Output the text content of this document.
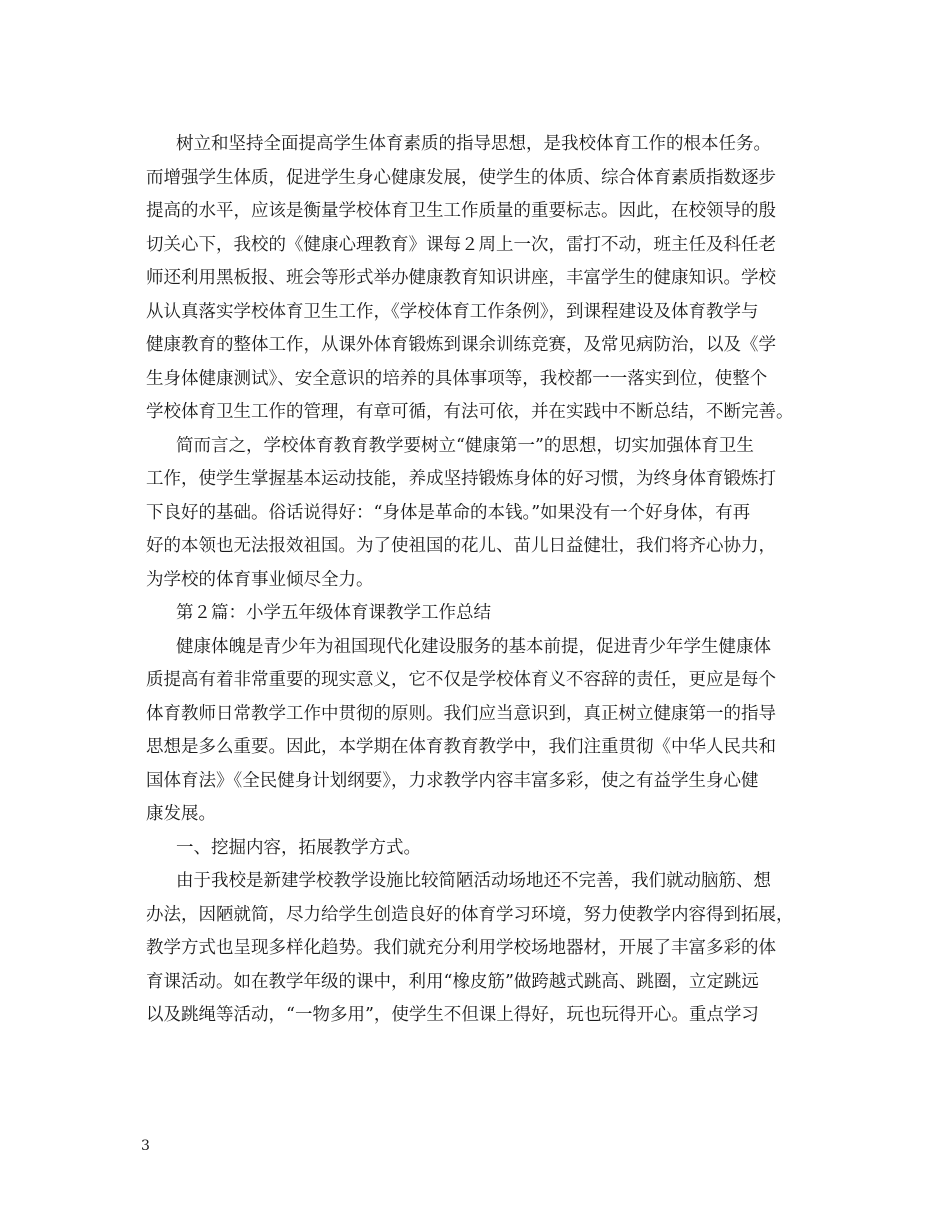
树立和坚持全面提高学生体育素质的指导思想，是我校体育工作的根本任务。
而增强学生体质，促进学生身心健康发展，使学生的体质、综合体育素质指数逐步
提高的水平，应该是衡量学校体育卫生工作质量的重要标志。因此，在校领导的殷
切关心下，我校的《健康心理教育》课每２周上一次，雷打不动，班主任及科任老
师还利用黑板报、班会等形式举办健康教育知识讲座，丰富学生的健康知识。学校
从认真落实学校体育卫生工作，《学校体育工作条例》，到课程建设及体育教学与
健康教育的整体工作，从课外体育锻炼到课余训练竞赛，及常见病防治，以及《学
生身体健康测试》、安全意识的培养的具体事项等，我校都一一落实到位，使整个
学校体育卫生工作的管理，有章可循，有法可依，并在实践中不断总结，不断完善。
简而言之，学校体育教育教学要树立“健康第一”的思想，切实加强体育卫生
工作，使学生掌握基本运动技能，养成坚持锻炼身体的好习惯，为终身体育锻炼打
下良好的基础。俗话说得好：“身体是革命的本钱。”如果没有一个好身体，有再
好的本领也无法报效祖国。为了使祖国的花儿、苗儿日益健壮，我们将齐心协力，
为学校的体育事业倾尽全力。
第２篇：小学五年级体育课教学工作总结
健康体魄是青少年为祖国现代化建设服务的基本前提，促进青少年学生健康体
质提高有着非常重要的现实意义，它不仅是学校体育义不容辞的责任，更应是每个
体育教师日常教学工作中贯彻的原则。我们应当意识到，真正树立健康第一的指导
思想是多么重要。因此，本学期在体育教育教学中，我们注重贯彻《中华人民共和
国体育法》《全民健身计划纲要》，力求教学内容丰富多彩，使之有益学生身心健
康发展。
一、挖掘内容，拓展教学方式。
由于我校是新建学校教学设施比较简陋活动场地还不完善，我们就动脑筋、想
办法，因陋就简，尽力给学生创造良好的体育学习环境，努力使教学内容得到拓展，
教学方式也呈现多样化趋势。我们就充分利用学校场地器材，开展了丰富多彩的体
育课活动。如在教学年级的课中，利用“橡皮筋”做跨越式跳高、跳圈，立定跳远
以及跳绳等活动，“一物多用”，使学生不但课上得好，玩也玩得开心。重点学习
3
